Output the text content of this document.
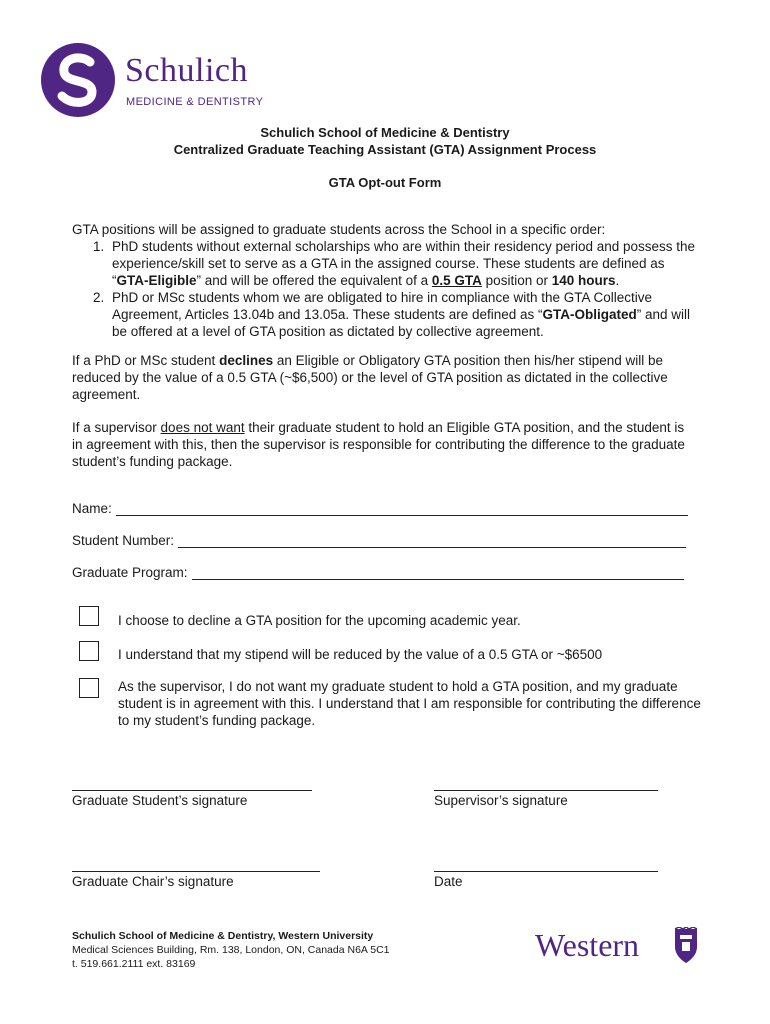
Schulich
MEDICINE & DENTISTRY
Schulich School of Medicine & Dentistry
Centralized Graduate Teaching Assistant (GTA) Assignment Process
GTA Opt-out Form
GTA positions will be assigned to graduate students across the School in a specific order:
1. PhD students without external scholarships who are within their residency period and possess the experience/skill set to serve as a GTA in the assigned course. These students are defined as “GTA-Eligible” and will be offered the equivalent of a 0.5 GTA position or 140 hours.
2. PhD or MSc students whom we are obligated to hire in compliance with the GTA Collective Agreement, Articles 13.04b and 13.05a. These students are defined as “GTA-Obligated” and will be offered at a level of GTA position as dictated by collective agreement.
If a PhD or MSc student declines an Eligible or Obligatory GTA position then his/her stipend will be reduced by the value of a 0.5 GTA (~$6,500) or the level of GTA position as dictated in the collective agreement.
If a supervisor does not want their graduate student to hold an Eligible GTA position, and the student is in agreement with this, then the supervisor is responsible for contributing the difference to the graduate student’s funding package.
Name:
Student Number:
Graduate Program:
I choose to decline a GTA position for the upcoming academic year.
I understand that my stipend will be reduced by the value of a 0.5 GTA or ~$6500
As the supervisor, I do not want my graduate student to hold a GTA position, and my graduate student is in agreement with this. I understand that I am responsible for contributing the difference to my student’s funding package.
Graduate Student’s signature	Supervisor’s signature
Graduate Chair’s signature	Date
Schulich School of Medicine & Dentistry, Western University
Medical Sciences Building, Rm. 138, London, ON, Canada N6A 5C1
t. 519.661.2111 ext. 83169
Western
